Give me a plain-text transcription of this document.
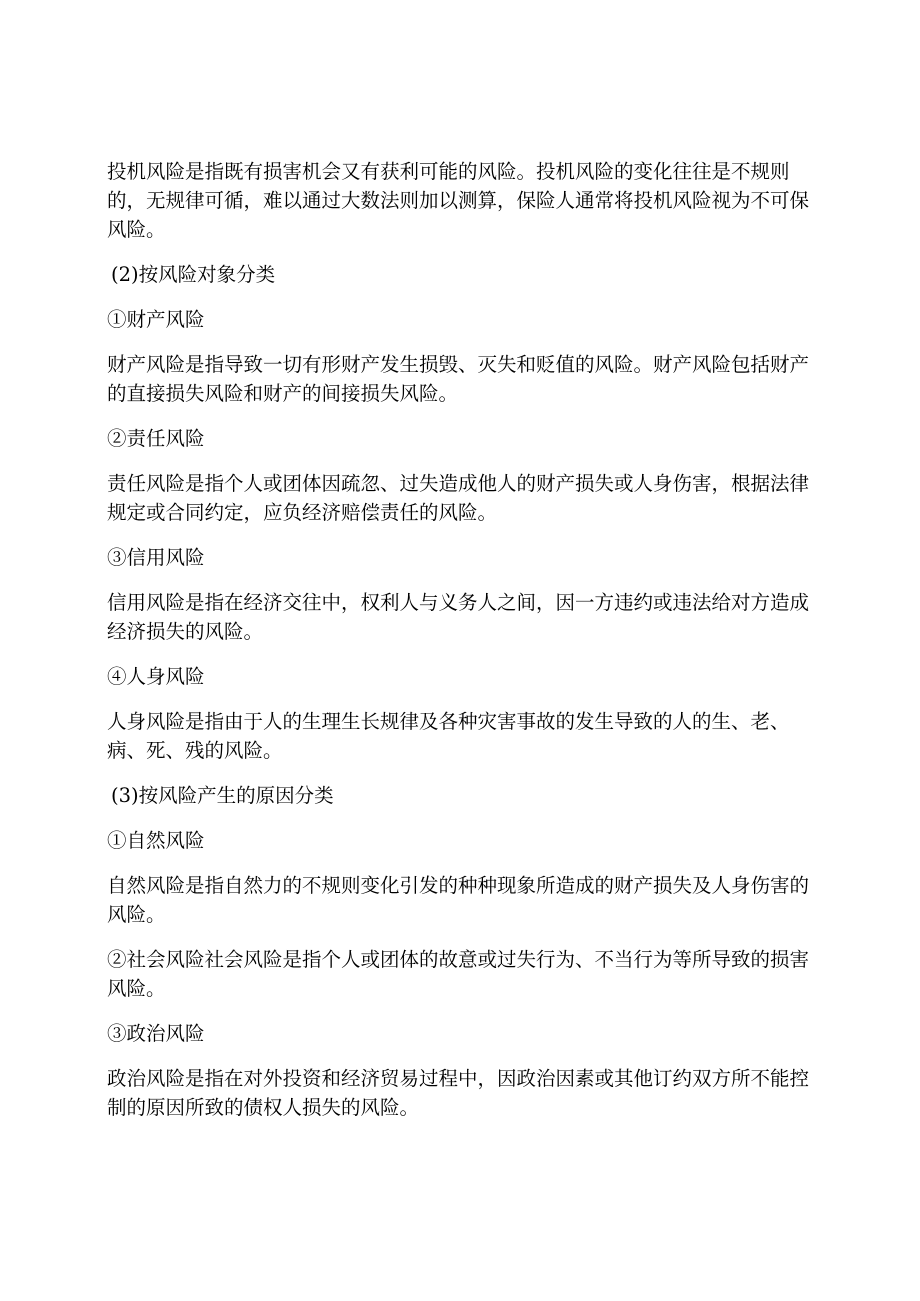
投机风险是指既有损害机会又有获利可能的风险。投机风险的变化往往是不规则的，无规律可循，难以通过大数法则加以测算，保险人通常将投机风险视为不可保风险。

(2)按风险对象分类

①财产风险

财产风险是指导致一切有形财产发生损毁、灭失和贬值的风险。财产风险包括财产的直接损失风险和财产的间接损失风险。

②责任风险

责任风险是指个人或团体因疏忽、过失造成他人的财产损失或人身伤害，根据法律规定或合同约定，应负经济赔偿责任的风险。

③信用风险

信用风险是指在经济交往中，权利人与义务人之间，因一方违约或违法给对方造成经济损失的风险。

④人身风险

人身风险是指由于人的生理生长规律及各种灾害事故的发生导致的人的生、老、病、死、残的风险。

(3)按风险产生的原因分类

①自然风险

自然风险是指自然力的不规则变化引发的种种现象所造成的财产损失及人身伤害的风险。

②社会风险社会风险是指个人或团体的故意或过失行为、不当行为等所导致的损害风险。

③政治风险

政治风险是指在对外投资和经济贸易过程中，因政治因素或其他订约双方所不能控制的原因所致的债权人损失的风险。
